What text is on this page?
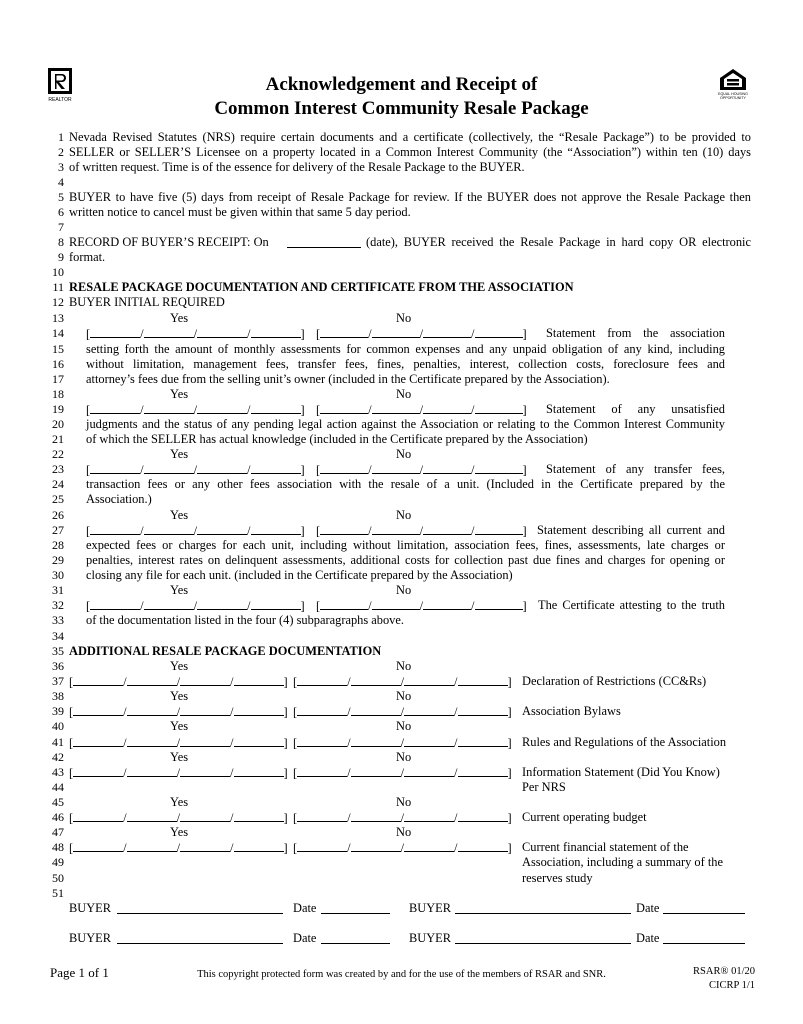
REALTOR
EQUAL HOUSING
OPPORTUNITY
Acknowledgement and Receipt of
Common Interest Community Resale Package
1
2
3
4
5
6
7
8
9
10
11
12
13
14
15
16
17
18
19
20
21
22
23
24
25
26
27
28
29
30
31
32
33
34
35
36
37
38
39
40
41
42
43
44
45
46
47
48
49
50
51
Nevada Revised Statutes (NRS) require certain documents and a certificate (collectively, the “Resale Package”) to be provided to
SELLER or SELLER’S Licensee on a property located in a Common Interest Community (the “Association”) within ten (10) days
of written request. Time is of the essence for delivery of the Resale Package to the BUYER.
BUYER to have five (5) days from receipt of Resale Package for review. If the BUYER does not approve the Resale Package then
written notice to cancel must be given within that same 5 day period.
RECORD OF BUYER’S RECEIPT: On	(date), BUYER received the Resale Package in hard copy OR electronic
format.
RESALE PACKAGE DOCUMENTATION AND CERTIFICATE FROM THE ASSOCIATION
BUYER INITIAL REQUIRED
Yes	No
[	/	/	/	] [	/	/	/	] Statement from the association
setting forth the amount of monthly assessments for common expenses and any unpaid obligation of any kind, including
without limitation, management fees, transfer fees, fines, penalties, interest, collection costs, foreclosure fees and
attorney’s fees due from the selling unit’s owner (included in the Certificate prepared by the Association).
Yes	No
[	/	/	/	] [	/	/	/	] Statement of any unsatisfied
judgments and the status of any pending legal action against the Association or relating to the Common Interest Community
of which the SELLER has actual knowledge (included in the Certificate prepared by the Association)
Yes	No
[	/	/	/	] [	/	/	/	] Statement of any transfer fees,
transaction fees or any other fees association with the resale of a unit. (Included in the Certificate prepared by the
Association.)
Yes	No
[	/	/	/	] [	/	/	/	] Statement describing all current and
expected fees or charges for each unit, including without limitation, association fees, fines, assessments, late charges or
penalties, interest rates on delinquent assessments, additional costs for collection past due fines and charges for opening or
closing any file for each unit. (included in the Certificate prepared by the Association)
Yes	No
[	/	/	/	] [	/	/	/	] The Certificate attesting to the truth
of the documentation listed in the four (4) subparagraphs above.
ADDITIONAL RESALE PACKAGE DOCUMENTATION
Yes	No
[	/	/	/	] [	/	/	/	] Declaration of Restrictions (CC&Rs)
Yes	No
[	/	/	/	] [	/	/	/	] Association Bylaws
Yes	No
[	/	/	/	] [	/	/	/	] Rules and Regulations of the Association
Yes	No
[	/	/	/	] [	/	/	/	] Information Statement (Did You Know)
Per NRS
Yes	No
[	/	/	/	] [	/	/	/	] Current operating budget
Yes	No
[	/	/	/	] [	/	/	/	] Current financial statement of the
Association, including a summary of the
reserves study
BUYER	Date	BUYER	Date
BUYER	Date	BUYER	Date
Page 1 of 1	This copyright protected form was created by and for the use of the members of RSAR and SNR.	RSAR® 01/20
CICRP 1/1
